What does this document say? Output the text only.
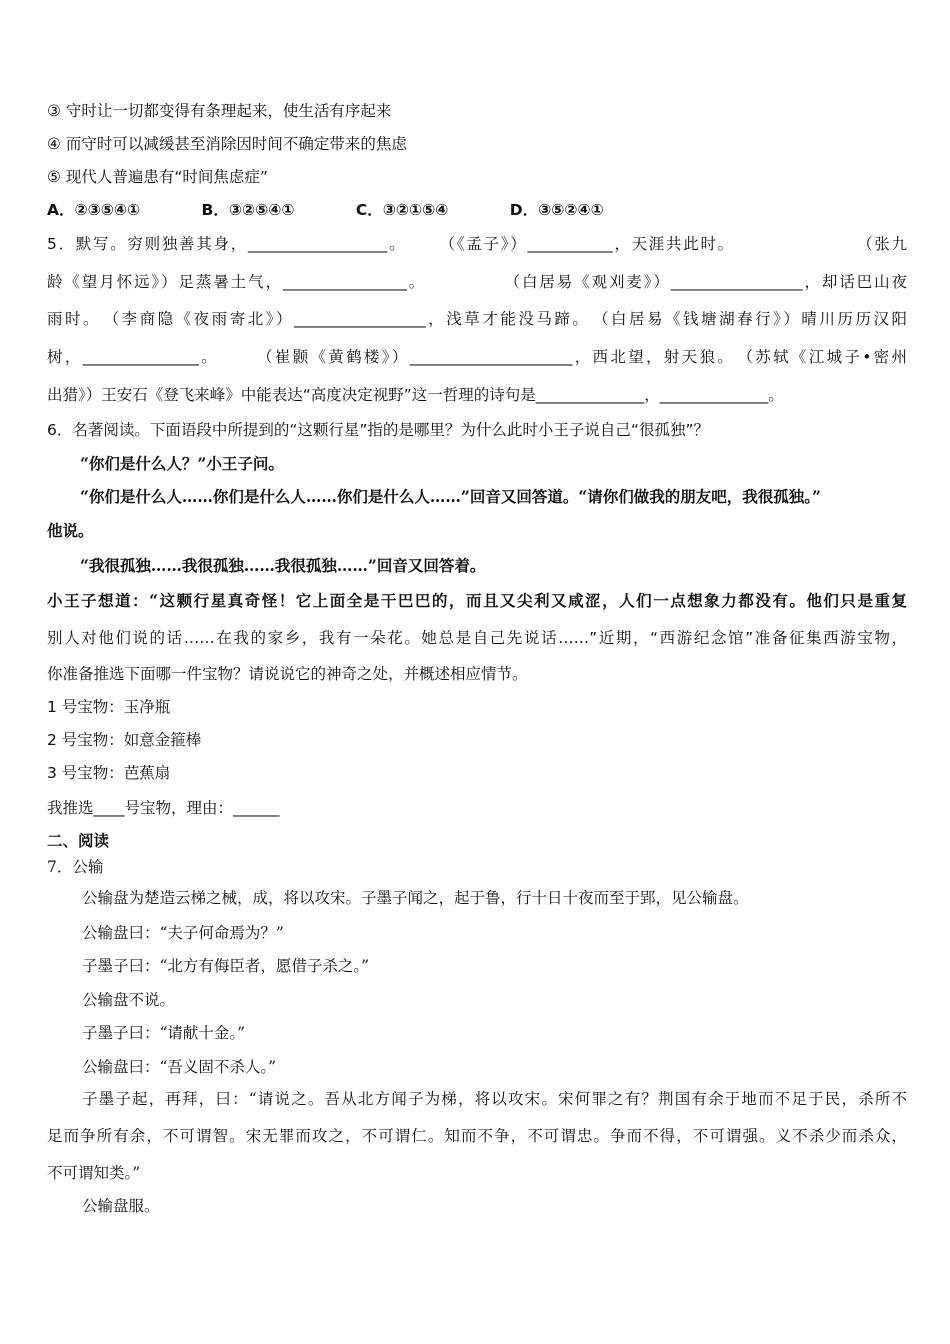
③ 守时让一切都变得有条理起来，使生活有序起来
④ 而守时可以减缓甚至消除因时间不确定带来的焦虑
⑤ 现代人普遍患有“时间焦虑症”
A．②③⑤④①	B．③②⑤④①	C．③②①⑤④	D．③⑤②④①
5．默写。穷则独善其身，__________________。　　 （《孟子》）___________，天涯共此时。　　　　　　　　（张九
龄《望月怀远》）足蒸暑土气，________________。　　 　　　（白居易《观刈麦》）_________________，却话巴山夜
雨时。　（李商隐《夜雨寄北》）_________________，浅草才能没马蹄。　（白居易《钱塘湖春行》）晴川历历汉阳
树，_______________。　　　（崔颢《黄鹤楼》）_____________________，西北望，射天狼。　（苏轼《江城子•密州
出猎》）王安石《登飞来峰》中能表达“高度决定视野”这一哲理的诗句是______________，______________。
6．名著阅读。下面语段中所提到的“这颗行星”指的是哪里？为什么此时小王子说自己“很孤独”？
“你们是什么人？”小王子问。
“你们是什么人……你们是什么人……你们是什么人……”回音又回答道。“请你们做我的朋友吧，我很孤独。”
他说。
“我很孤独……我很孤独……我很孤独……”回音又回答着。
小王子想道：“这颗行星真奇怪！它上面全是干巴巴的，而且又尖利又咸涩，人们一点想象力都没有。他们只是重复
别人对他们说的话……在我的家乡，我有一朵花。她总是自己先说话……”近期，“西游纪念馆”准备征集西游宝物，
你准备推选下面哪一件宝物？请说说它的神奇之处，并概述相应情节。
1 号宝物：玉净瓶
2 号宝物：如意金箍棒
3 号宝物：芭蕉扇
我推选____号宝物，理由：______
二、阅读
7．公输
公输盘为楚造云梯之械，成，将以攻宋。子墨子闻之，起于鲁，行十日十夜而至于郢，见公输盘。
公输盘曰：“夫子何命焉为？”
子墨子曰：“北方有侮臣者，愿借子杀之。”
公输盘不说。
子墨子曰：“请献十金。”
公输盘曰：“吾义固不杀人。”
子墨子起，再拜，曰：“请说之。吾从北方闻子为梯，将以攻宋。宋何罪之有？荆国有余于地而不足于民，杀所不
足而争所有余，不可谓智。宋无罪而攻之，不可谓仁。知而不争，不可谓忠。争而不得，不可谓强。义不杀少而杀众，
不可谓知类。”
公输盘服。
